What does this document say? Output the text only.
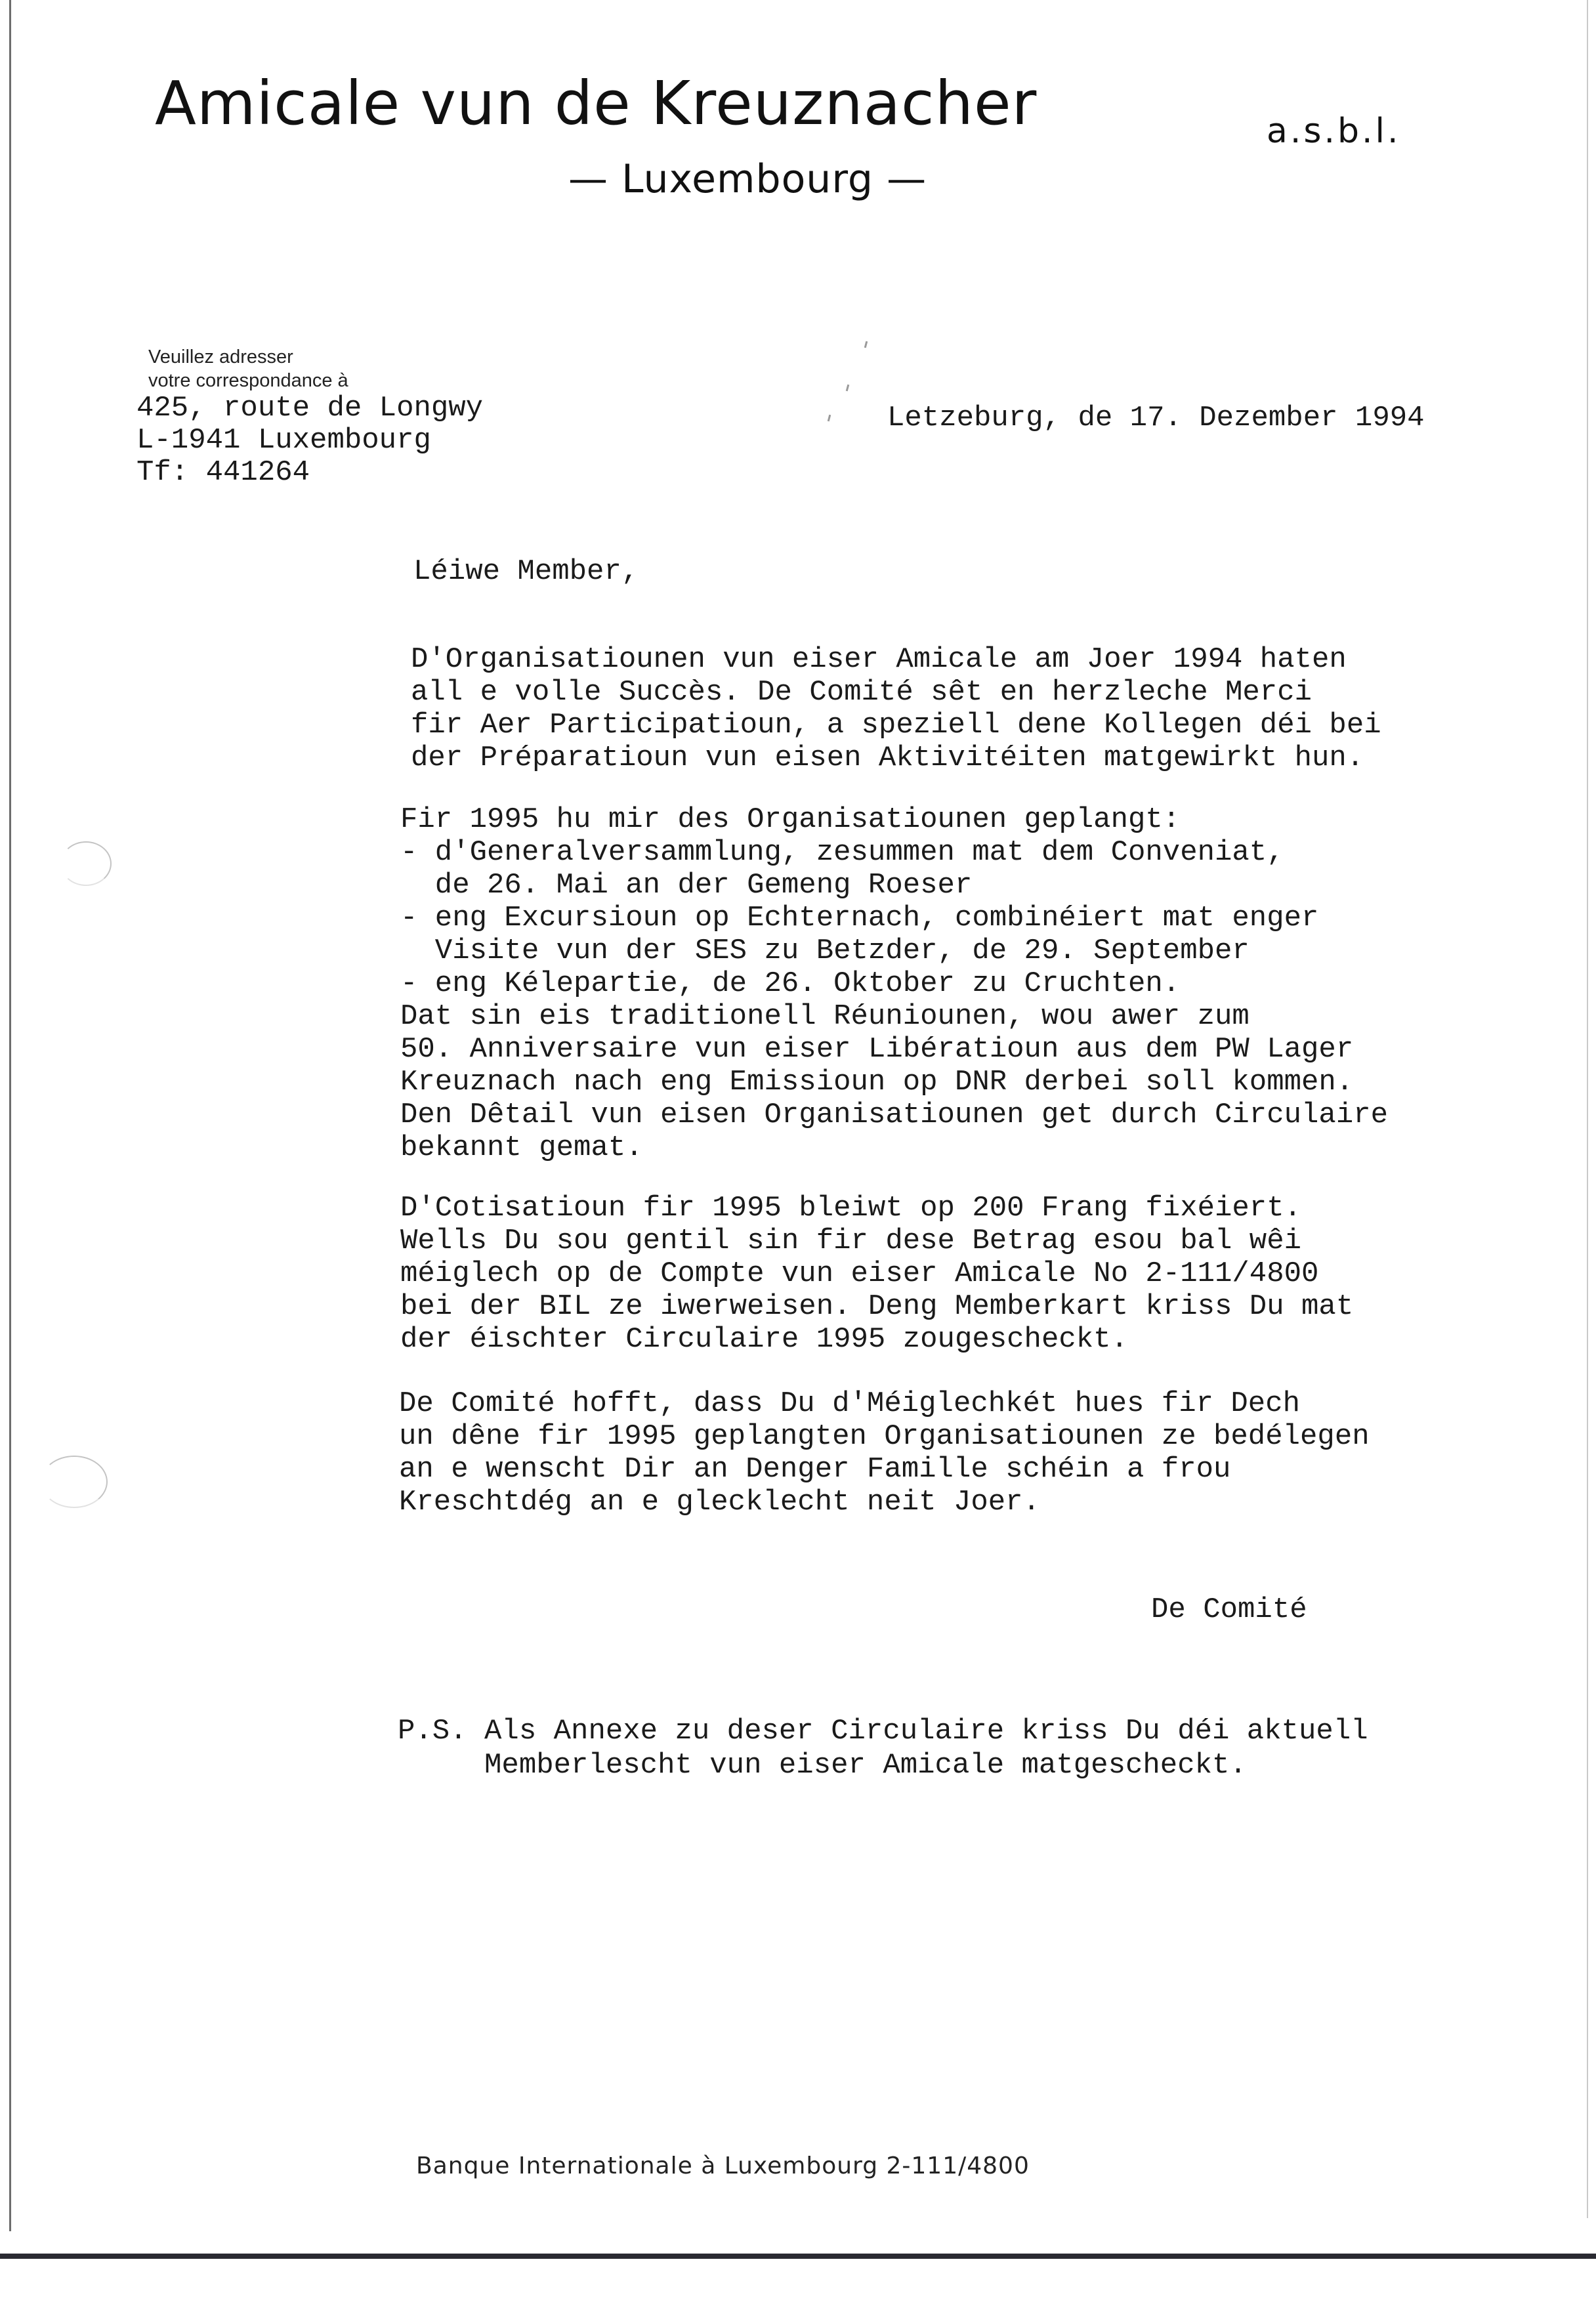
Amicale vun de Kreuznacher	a.s.b.l.
— Luxembourg —
Veuillez adresser
votre correspondance à
425, route de Longwy
L-1941 Luxembourg
Tf: 441264
Letzeburg, de 17. Dezember 1994
Léiwe Member,

D'Organisatiounen vun eiser Amicale am Joer 1994 haten
all e volle Succès. De Comité sêt en herzleche Merci
fir Aer Participatioun, a speziell dene Kollegen déi bei
der Préparatioun vun eisen Aktivitéiten matgewirkt hun.

Fir 1995 hu mir des Organisatiounen geplangt:
- d'Generalversammlung, zesummen mat dem Conveniat,
de 26. Mai an der Gemeng Roeser
- eng Excursioun op Echternach, combinéiert mat enger
Visite vun der SES zu Betzder, de 29. September
- eng Kélepartie, de 26. Oktober zu Cruchten.
Dat sin eis traditionell Réuniounen, wou awer zum
50. Anniversaire vun eiser Libératioun aus dem PW Lager
Kreuznach nach eng Emissioun op DNR derbei soll kommen.
Den Dêtail vun eisen Organisatiounen get durch Circulaire
bekannt gemat.

D'Cotisatioun fir 1995 bleiwt op 200 Frang fixéiert.
Wells Du sou gentil sin fir dese Betrag esou bal wêi
méiglech op de Compte vun eiser Amicale No 2-111/4800
bei der BIL ze iwerweisen. Deng Memberkart kriss Du mat
der éischter Circulaire 1995 zougescheckt.

De Comité hofft, dass Du d'Méiglechkét hues fir Dech
un dêne fir 1995 geplangten Organisatiounen ze bedélegen
an e wenscht Dir an Denger Famille schéin a frou
Kreschtdég an e glecklecht neit Joer.

De Comité

P.S. Als Annexe zu deser Circulaire kriss Du déi aktuell
Memberlescht vun eiser Amicale matgescheckt.

Banque Internationale à Luxembourg 2-111/4800
